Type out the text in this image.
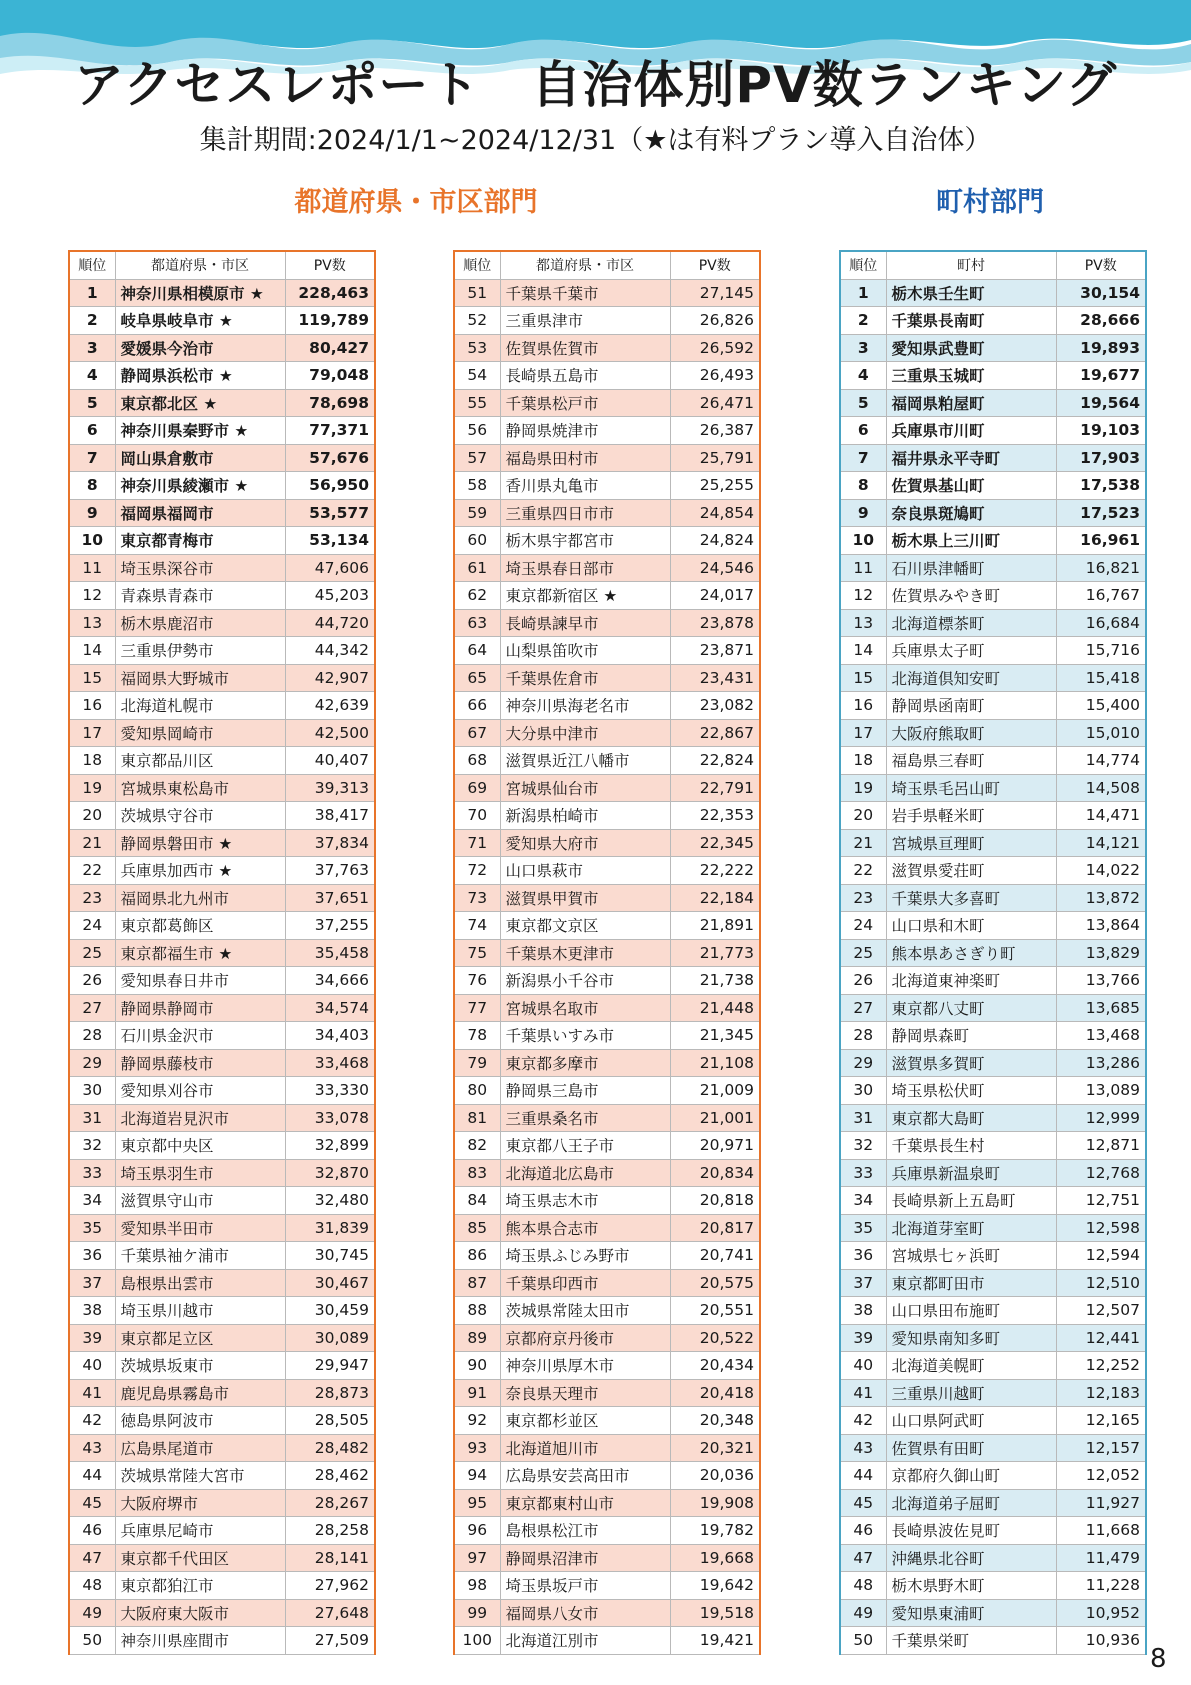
アクセスレポート　自治体別PV数ランキング
集計期間:2024/1/1~2024/12/31（★は有料プラン導入自治体）
都道府県・市区部門	町村部門
順位	都道府県・市区	PV数
1	神奈川県相模原市 ★	228,463
2	岐阜県岐阜市 ★	119,789
3	愛媛県今治市	80,427
4	静岡県浜松市 ★	79,048
5	東京都北区 ★	78,698
6	神奈川県秦野市 ★	77,371
7	岡山県倉敷市	57,676
8	神奈川県綾瀬市 ★	56,950
9	福岡県福岡市	53,577
10	東京都青梅市	53,134
11	埼玉県深谷市	47,606
12	青森県青森市	45,203
13	栃木県鹿沼市	44,720
14	三重県伊勢市	44,342
15	福岡県大野城市	42,907
16	北海道札幌市	42,639
17	愛知県岡崎市	42,500
18	東京都品川区	40,407
19	宮城県東松島市	39,313
20	茨城県守谷市	38,417
21	静岡県磐田市 ★	37,834
22	兵庫県加西市 ★	37,763
23	福岡県北九州市	37,651
24	東京都葛飾区	37,255
25	東京都福生市 ★	35,458
26	愛知県春日井市	34,666
27	静岡県静岡市	34,574
28	石川県金沢市	34,403
29	静岡県藤枝市	33,468
30	愛知県刈谷市	33,330
31	北海道岩見沢市	33,078
32	東京都中央区	32,899
33	埼玉県羽生市	32,870
34	滋賀県守山市	32,480
35	愛知県半田市	31,839
36	千葉県袖ケ浦市	30,745
37	島根県出雲市	30,467
38	埼玉県川越市	30,459
39	東京都足立区	30,089
40	茨城県坂東市	29,947
41	鹿児島県霧島市	28,873
42	徳島県阿波市	28,505
43	広島県尾道市	28,482
44	茨城県常陸大宮市	28,462
45	大阪府堺市	28,267
46	兵庫県尼崎市	28,258
47	東京都千代田区	28,141
48	東京都狛江市	27,962
49	大阪府東大阪市	27,648
50	神奈川県座間市	27,509
順位	都道府県・市区	PV数
51	千葉県千葉市	27,145
52	三重県津市	26,826
53	佐賀県佐賀市	26,592
54	長崎県五島市	26,493
55	千葉県松戸市	26,471
56	静岡県焼津市	26,387
57	福島県田村市	25,791
58	香川県丸亀市	25,255
59	三重県四日市市	24,854
60	栃木県宇都宮市	24,824
61	埼玉県春日部市	24,546
62	東京都新宿区 ★	24,017
63	長崎県諫早市	23,878
64	山梨県笛吹市	23,871
65	千葉県佐倉市	23,431
66	神奈川県海老名市	23,082
67	大分県中津市	22,867
68	滋賀県近江八幡市	22,824
69	宮城県仙台市	22,791
70	新潟県柏崎市	22,353
71	愛知県大府市	22,345
72	山口県萩市	22,222
73	滋賀県甲賀市	22,184
74	東京都文京区	21,891
75	千葉県木更津市	21,773
76	新潟県小千谷市	21,738
77	宮城県名取市	21,448
78	千葉県いすみ市	21,345
79	東京都多摩市	21,108
80	静岡県三島市	21,009
81	三重県桑名市	21,001
82	東京都八王子市	20,971
83	北海道北広島市	20,834
84	埼玉県志木市	20,818
85	熊本県合志市	20,817
86	埼玉県ふじみ野市	20,741
87	千葉県印西市	20,575
88	茨城県常陸太田市	20,551
89	京都府京丹後市	20,522
90	神奈川県厚木市	20,434
91	奈良県天理市	20,418
92	東京都杉並区	20,348
93	北海道旭川市	20,321
94	広島県安芸高田市	20,036
95	東京都東村山市	19,908
96	島根県松江市	19,782
97	静岡県沼津市	19,668
98	埼玉県坂戸市	19,642
99	福岡県八女市	19,518
100	北海道江別市	19,421
順位	町村	PV数
1	栃木県壬生町	30,154
2	千葉県長南町	28,666
3	愛知県武豊町	19,893
4	三重県玉城町	19,677
5	福岡県粕屋町	19,564
6	兵庫県市川町	19,103
7	福井県永平寺町	17,903
8	佐賀県基山町	17,538
9	奈良県斑鳩町	17,523
10	栃木県上三川町	16,961
11	石川県津幡町	16,821
12	佐賀県みやき町	16,767
13	北海道標茶町	16,684
14	兵庫県太子町	15,716
15	北海道倶知安町	15,418
16	静岡県函南町	15,400
17	大阪府熊取町	15,010
18	福島県三春町	14,774
19	埼玉県毛呂山町	14,508
20	岩手県軽米町	14,471
21	宮城県亘理町	14,121
22	滋賀県愛荘町	14,022
23	千葉県大多喜町	13,872
24	山口県和木町	13,864
25	熊本県あさぎり町	13,829
26	北海道東神楽町	13,766
27	東京都八丈町	13,685
28	静岡県森町	13,468
29	滋賀県多賀町	13,286
30	埼玉県松伏町	13,089
31	東京都大島町	12,999
32	千葉県長生村	12,871
33	兵庫県新温泉町	12,768
34	長崎県新上五島町	12,751
35	北海道芽室町	12,598
36	宮城県七ヶ浜町	12,594
37	東京都町田市	12,510
38	山口県田布施町	12,507
39	愛知県南知多町	12,441
40	北海道美幌町	12,252
41	三重県川越町	12,183
42	山口県阿武町	12,165
43	佐賀県有田町	12,157
44	京都府久御山町	12,052
45	北海道弟子屈町	11,927
46	長崎県波佐見町	11,668
47	沖縄県北谷町	11,479
48	栃木県野木町	11,228
49	愛知県東浦町	10,952
50	千葉県栄町	10,936
8
